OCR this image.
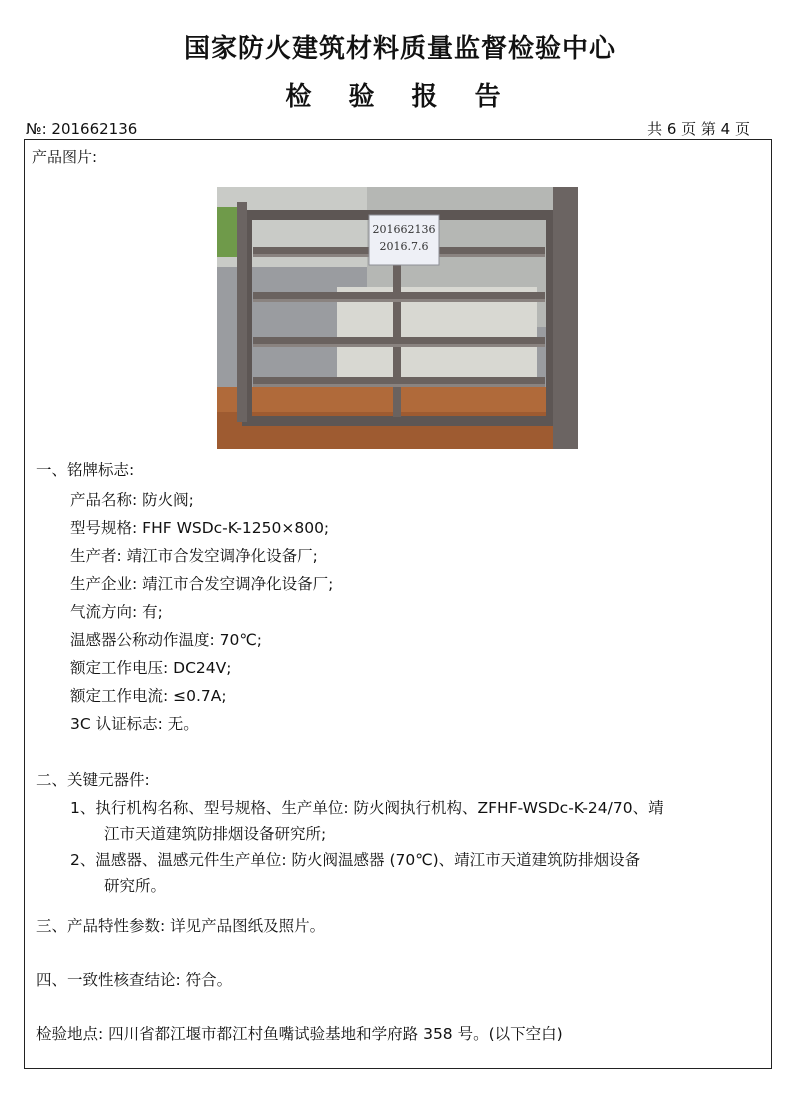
国家防火建筑材料质量监督检验中心
检 验 报 告
№: 201662136	共 6 页 第 4 页
产品图片:
201662136
2016.7.6
一、铭牌标志:
产品名称: 防火阀;
型号规格: FHF WSDc-K-1250×800;
生产者: 靖江市合发空调净化设备厂;
生产企业: 靖江市合发空调净化设备厂;
气流方向: 有;
温感器公称动作温度: 70℃;
额定工作电压: DC24V;
额定工作电流: ≤0.7A;
3C 认证标志: 无。
二、关键元器件:
1、执行机构名称、型号规格、生产单位: 防火阀执行机构、ZFHF-WSDc-K-24/70、靖
江市天道建筑防排烟设备研究所;
2、温感器、温感元件生产单位: 防火阀温感器 (70℃)、靖江市天道建筑防排烟设备
研究所。
三、产品特性参数: 详见产品图纸及照片。
四、一致性核查结论: 符合。
检验地点: 四川省都江堰市都江村鱼嘴试验基地和学府路 358 号。(以下空白)
